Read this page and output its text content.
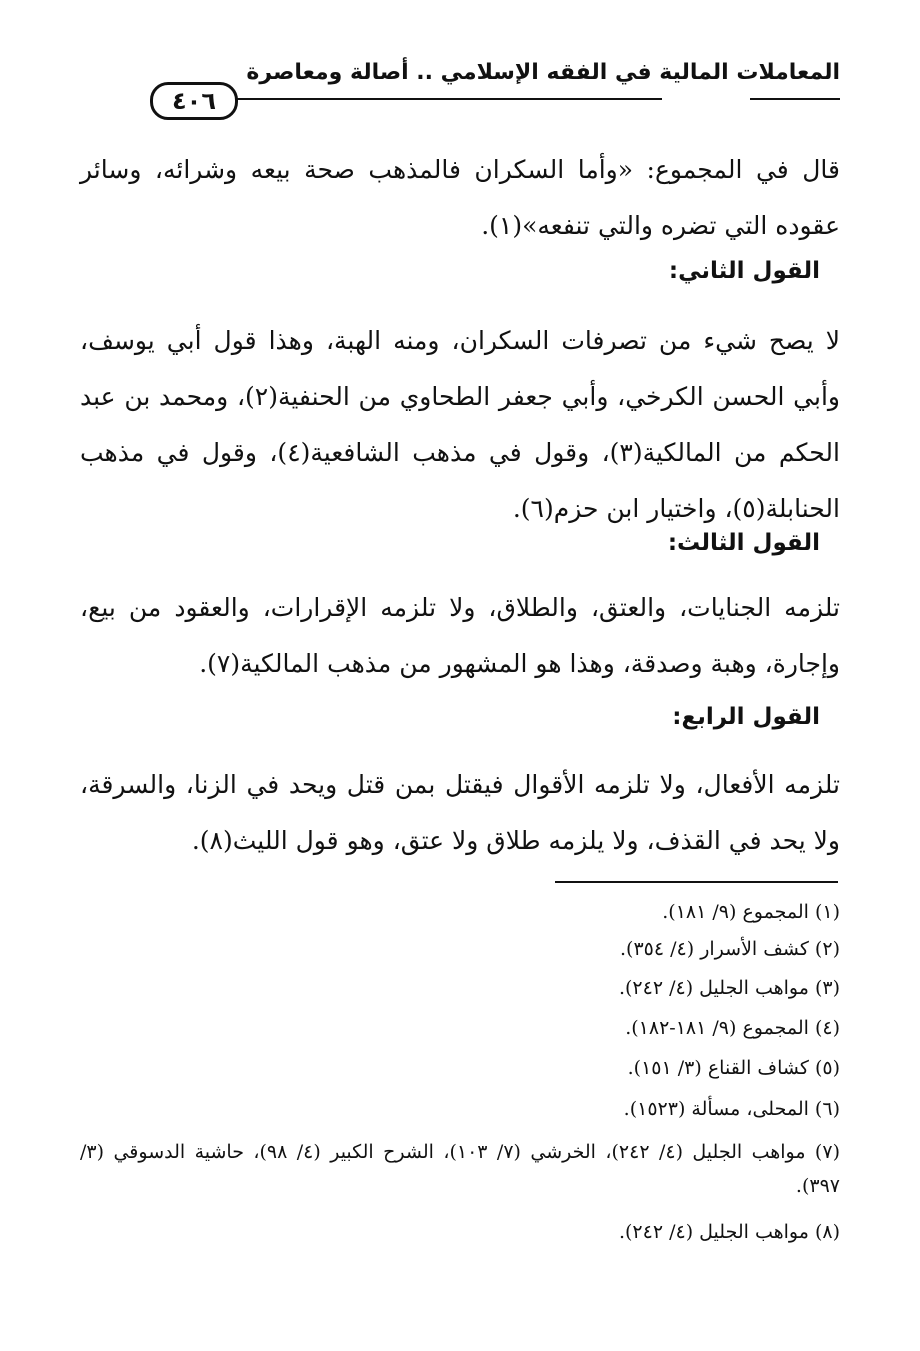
المعاملات المالية في الفقه الإسلامي .. أصالة ومعاصرة
٤٠٦
قال في المجموع: «وأما السكران فالمذهب صحة بيعه وشرائه، وسائر عقوده التي تضره والتي تنفعه»(١).
القول الثاني:
لا يصح شيء من تصرفات السكران، ومنه الهبة، وهذا قول أبي يوسف، وأبي الحسن الكرخي، وأبي جعفر الطحاوي من الحنفية(٢)، ومحمد بن عبد الحكم من المالكية(٣)، وقول في مذهب الشافعية(٤)، وقول في مذهب الحنابلة(٥)، واختيار ابن حزم(٦).
القول الثالث:
تلزمه الجنايات، والعتق، والطلاق، ولا تلزمه الإقرارات، والعقود من بيع، وإجارة، وهبة وصدقة، وهذا هو المشهور من مذهب المالكية(٧).
القول الرابع:
تلزمه الأفعال، ولا تلزمه الأقوال فيقتل بمن قتل ويحد في الزنا، والسرقة، ولا يحد في القذف، ولا يلزمه طلاق ولا عتق، وهو قول الليث(٨).
(١) المجموع (٩/ ١٨١).
(٢) كشف الأسرار (٤/ ٣٥٤).
(٣) مواهب الجليل (٤/ ٢٤٢).
(٤) المجموع (٩/ ١٨١-١٨٢).
(٥) كشاف القناع (٣/ ١٥١).
(٦) المحلى، مسألة (١٥٢٣).
(٧) مواهب الجليل (٤/ ٢٤٢)، الخرشي (٧/ ١٠٣)، الشرح الكبير (٤/ ٩٨)، حاشية الدسوقي (٣/ ٣٩٧).
(٨) مواهب الجليل (٤/ ٢٤٢).
